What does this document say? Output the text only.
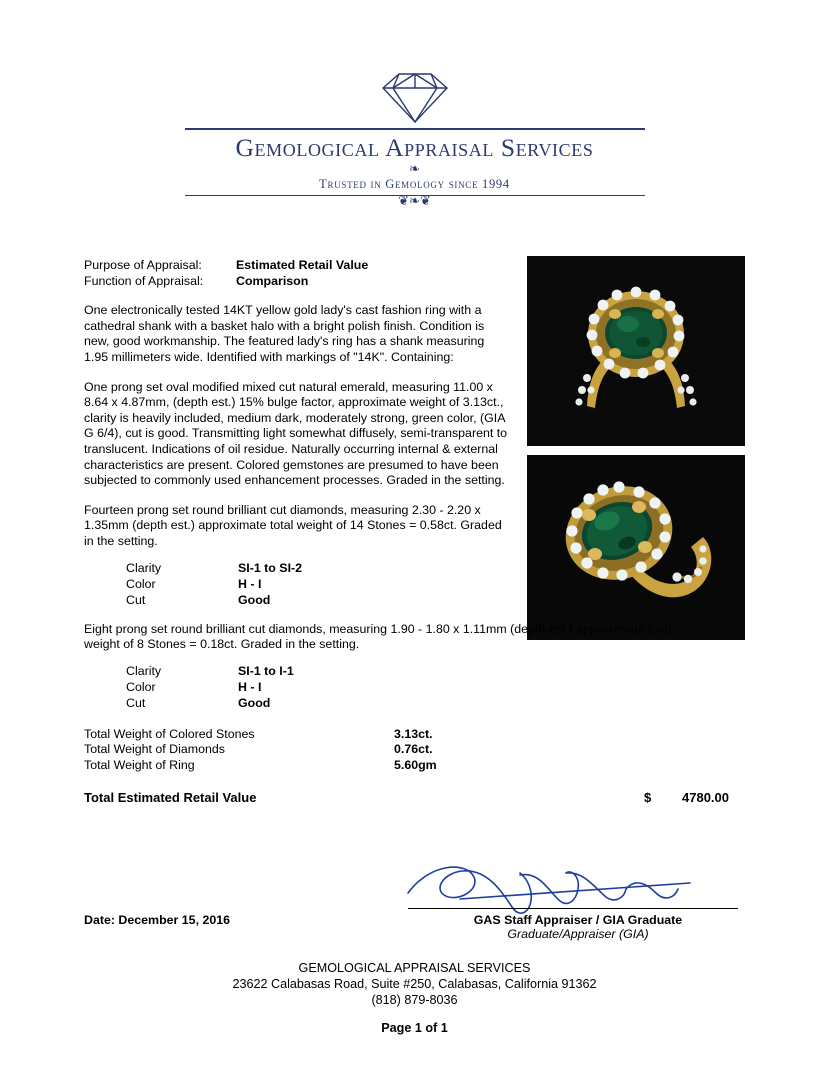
Gemological Appraisal Services
❧
Trusted in Gemology since 1994
❦❧❦
Purpose of Appraisal:	Estimated Retail Value
Function of Appraisal:	Comparison
One electronically tested 14KT yellow gold lady's cast fashion ring with a cathedral shank with a basket halo with a bright polish finish. Condition is new, good workmanship. The featured lady's ring has a shank measuring 1.95 millimeters wide. Identified with markings of "14K". Containing:
One prong set oval modified mixed cut natural emerald, measuring 11.00 x 8.64 x 4.87mm, (depth est.) 15% bulge factor, approximate weight of 3.13ct., clarity is heavily included, medium dark, moderately strong, green color, (GIA G 6/4), cut is good. Transmitting light somewhat diffusely, semi-transparent to translucent. Indications of oil residue. Naturally occurring internal & external characteristics are present. Colored gemstones are presumed to have been subjected to commonly used enhancement processes. Graded in the setting.
Fourteen prong set round brilliant cut diamonds, measuring 2.30 - 2.20 x 1.35mm (depth est.) approximate total weight of 14 Stones = 0.58ct. Graded in the setting.
Clarity	SI-1 to SI-2
Color	H - I
Cut	Good
Eight prong set round brilliant cut diamonds, measuring 1.90 - 1.80 x 1.11mm (depth est.) approximate total weight of 8 Stones = 0.18ct. Graded in the setting.
Clarity	SI-1 to I-1
Color	H - I
Cut	Good
Total Weight of Colored Stones	3.13ct.
Total Weight of Diamonds	0.76ct.
Total Weight of Ring	5.60gm
Total Estimated Retail Value	$	4780.00
GAS Staff Appraiser / GIA Graduate
Graduate/Appraiser (GIA)
Date: December 15, 2016
GEMOLOGICAL APPRAISAL SERVICES
23622 Calabasas Road, Suite #250, Calabasas, California 91362
(818) 879-8036
Page 1 of 1
